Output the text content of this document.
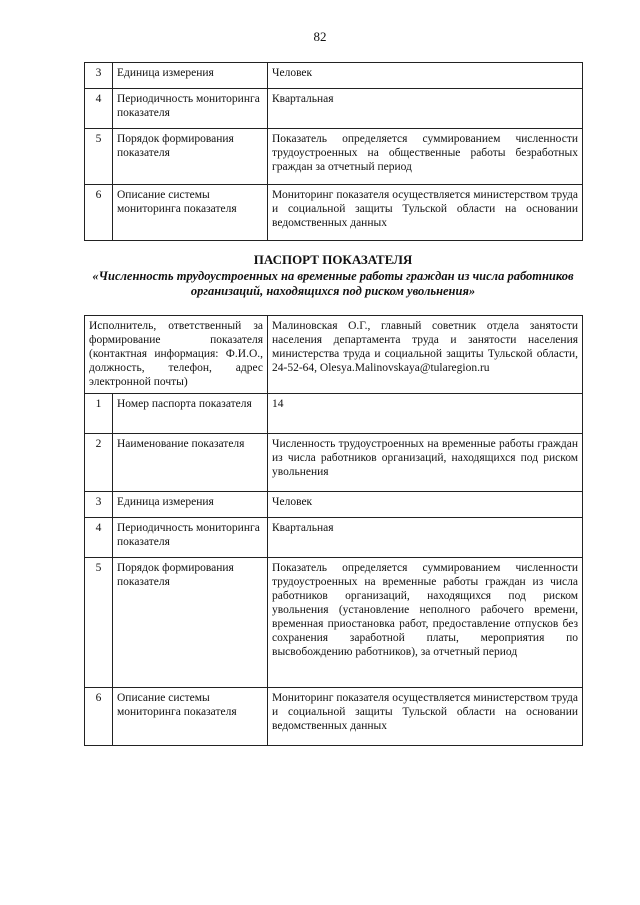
82
3	Единица измерения	Человек
4	Периодичность мониторинга показателя	Квартальная
5	Порядок формирования показателя	Показатель определяется суммированием численности трудоустроенных на общественные работы безработных граждан за отчетный период
6	Описание системы мониторинга показателя	Мониторинг показателя осуществляется министерством труда и социальной защиты Тульской области на основании ведомственных данных
ПАСПОРТ ПОКАЗАТЕЛЯ
«Численность трудоустроенных на временные работы граждан из числа работников организаций, находящихся под риском увольнения»
Исполнитель, ответственный за формирование показателя (контактная информация: Ф.И.О., должность, телефон, адрес электронной почты)		Малиновская О.Г., главный советник отдела занятости населения департамента труда и занятости населения министерства труда и социальной защиты Тульской области, 24-52-64, Olesya.Malinovskaya@tularegion.ru
1	Номер паспорта показателя	14
2	Наименование показателя	Численность трудоустроенных на временные работы граждан из числа работников организаций, находящихся под риском увольнения
3	Единица измерения	Человек
4	Периодичность мониторинга показателя	Квартальная
5	Порядок формирования показателя	Показатель определяется суммированием численности трудоустроенных на временные работы граждан из числа работников организаций, находящихся под риском увольнения (установление неполного рабочего времени, временная приостановка работ, предоставление отпусков без сохранения заработной платы, мероприятия по высвобождению работников), за отчетный период
6	Описание системы мониторинга показателя	Мониторинг показателя осуществляется министерством труда и социальной защиты Тульской области на основании ведомственных данных
